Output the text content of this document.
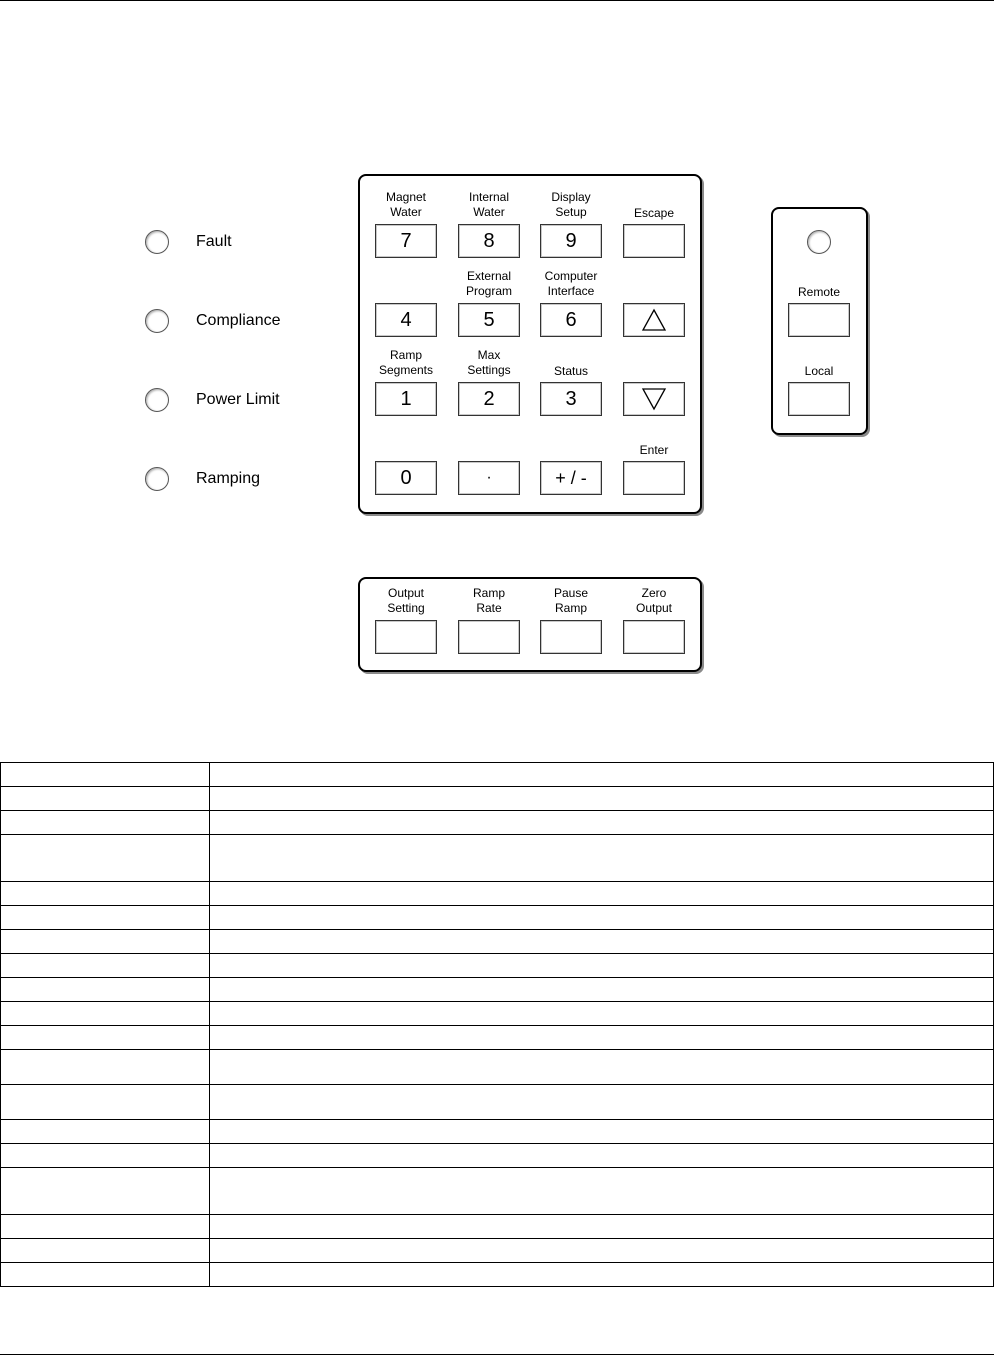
Fault
Compliance
Power Limit
Ramping
Magnet
Water
Internal
Water
Display
Setup	Escape
7	8	9
External
Program
Computer
Interface
4	5	6
Ramp
Segments
Max
Settings	Status
1	2	3
Enter
0	·	+ / -
Remote
Local
Output
Setting
Ramp
Rate
Pause
Ramp
Zero
Output
